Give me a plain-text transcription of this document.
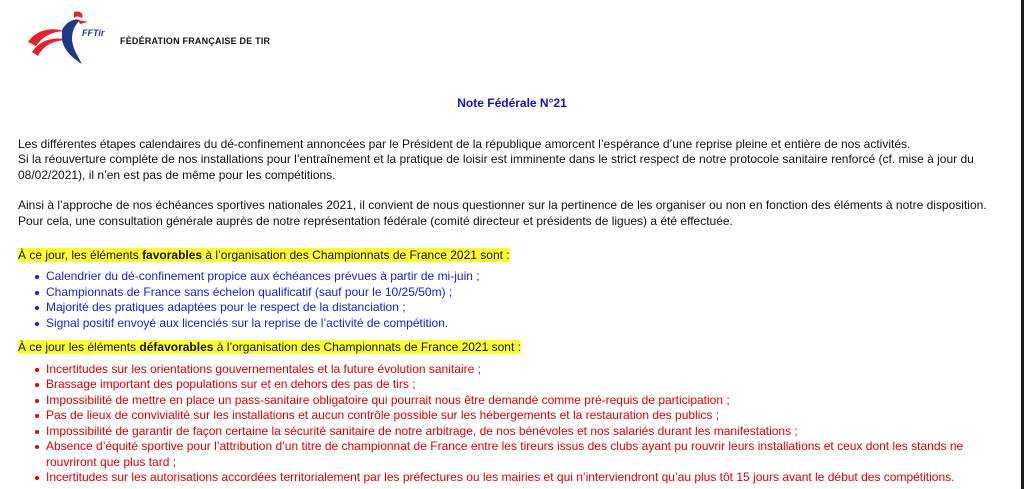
FFTir
FÉDÉRATION FRANÇAISE DE TIR
Note Fédérale N°21

Les différentes étapes calendaires du dé-confinement annoncées par le Président de la république amorcent l’espérance d’une reprise pleine et entière de nos activités.

Si la réouverture complète de nos installations pour l’entraînement et la pratique de loisir est imminente dans le strict respect de notre protocole sanitaire renforcé (cf. mise à jour du 08/02/2021), il n’en est pas de même pour les compétitions.

Ainsi à l’approche de nos échéances sportives nationales 2021, il convient de nous questionner sur la pertinence de les organiser ou non en fonction des éléments à notre disposition. Pour cela, une consultation générale auprès de notre représentation fédérale (comité directeur et présidents de ligues) a été effectuée.

À ce jour, les éléments favorables à l’organisation des Championnats de France 2021 sont :
Calendrier du dé-confinement propice aux échéances prévues à partir de mi-juin ;
Championnats de France sans échelon qualificatif (sauf pour le 10/25/50m) ;
Majorité des pratiques adaptées pour le respect de la distanciation ;
Signal positif envoyé aux licenciés sur la reprise de l’activité de compétition.
À ce jour les éléments défavorables à l’organisation des Championnats de France 2021 sont :
Incertitudes sur les orientations gouvernementales et la future évolution sanitaire ;
Brassage important des populations sur et en dehors des pas de tirs ;
Impossibilité de mettre en place un pass-sanitaire obligatoire qui pourrait nous être demandé comme pré-requis de participation ;
Pas de lieux de convivialité sur les installations et aucun contrôle possible sur les hébergements et la restauration des publics ;
Impossibilité de garantir de façon certaine la sécurité sanitaire de notre arbitrage, de nos bénévoles et nos salariés durant les manifestations ;
Absence d’équité sportive pour l’attribution d’un titre de championnat de France entre les tireurs issus des clubs ayant pu rouvrir leurs installations et ceux dont les stands ne rouvriront que plus tard ;
Incertitudes sur les autorisations accordées territorialement par les préfectures ou les mairies et qui n’interviendront qu’au plus tôt 15 jours avant le début des compétitions.
